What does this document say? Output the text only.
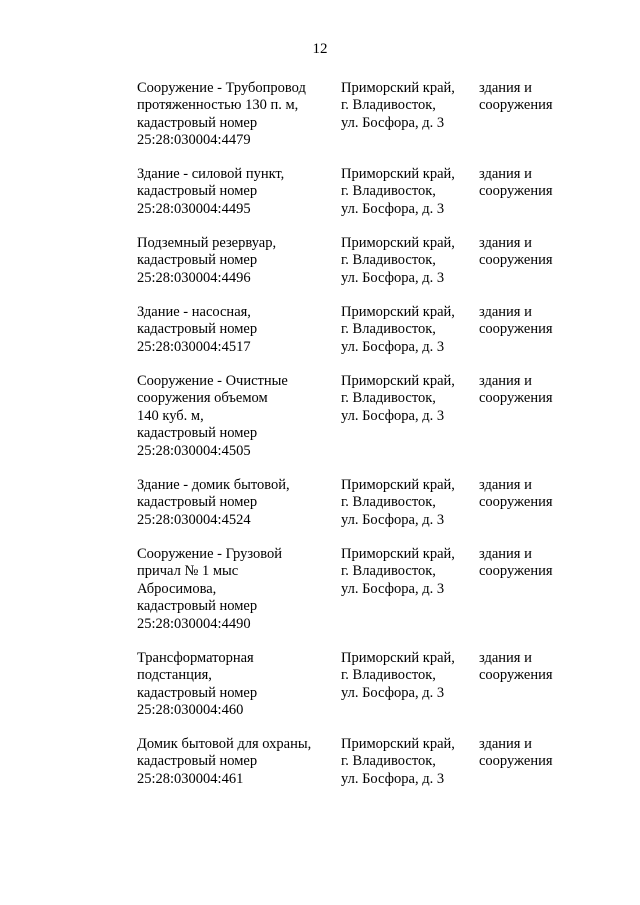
12
Сооружение - Трубопровод
протяженностью 130 п. м,
кадастровый номер
25:28:030004:4479
Приморский край,
г. Владивосток,
ул. Босфора, д. 3
здания и
сооружения
Здание - силовой пункт,
кадастровый номер
25:28:030004:4495
Приморский край,
г. Владивосток,
ул. Босфора, д. 3
здания и
сооружения
Подземный резервуар,
кадастровый номер
25:28:030004:4496
Приморский край,
г. Владивосток,
ул. Босфора, д. 3
здания и
сооружения
Здание - насосная,
кадастровый номер
25:28:030004:4517
Приморский край,
г. Владивосток,
ул. Босфора, д. 3
здания и
сооружения
Сооружение - Очистные
сооружения объемом
140 куб. м,
кадастровый номер
25:28:030004:4505
Приморский край,
г. Владивосток,
ул. Босфора, д. 3
здания и
сооружения
Здание - домик бытовой,
кадастровый номер
25:28:030004:4524
Приморский край,
г. Владивосток,
ул. Босфора, д. 3
здания и
сооружения
Сооружение - Грузовой
причал № 1 мыс
Абросимова,
кадастровый номер
25:28:030004:4490
Приморский край,
г. Владивосток,
ул. Босфора, д. 3
здания и
сооружения
Трансформаторная
подстанция,
кадастровый номер
25:28:030004:460
Приморский край,
г. Владивосток,
ул. Босфора, д. 3
здания и
сооружения
Домик бытовой для охраны,
кадастровый номер
25:28:030004:461
Приморский край,
г. Владивосток,
ул. Босфора, д. 3
здания и
сооружения
